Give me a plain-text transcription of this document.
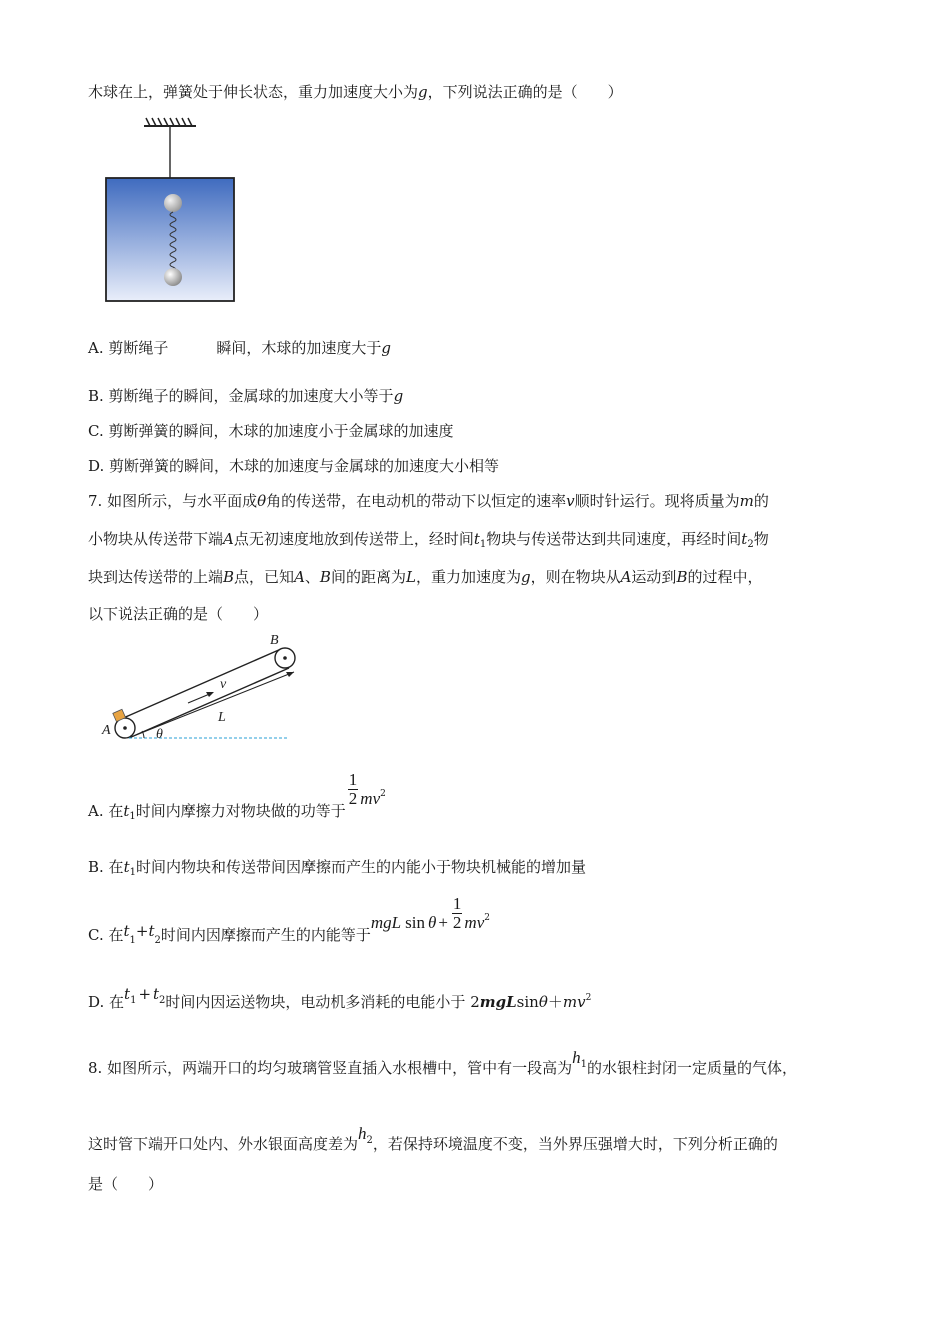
木球在上，弹簧处于伸长状态，重力加速度大小为g，下列说法正确的是（　　）
A. 剪断绳子	瞬间，木球的加速度大于g
B. 剪断绳子的瞬间，金属球的加速度大小等于g
C. 剪断弹簧的瞬间，木球的加速度小于金属球的加速度
D. 剪断弹簧的瞬间，木球的加速度与金属球的加速度大小相等
7. 如图所示，与水平面成θ角的传送带，在电动机的带动下以恒定的速率v顺时针运行。现将质量为m的
小物块从传送带下端A点无初速度地放到传送带上，经时间$t_1$物块与传送带达到共同速度，再经时间$t_2$物
块到达传送带的上端B点，已知A、B间的距离为L，重力加速度为g，则在物块从A运动到B的过程中，
以下说法正确的是（　　）
A
B
v
L
θ
A. 在$t_1$时间内摩擦力对物块做的功等于
$\frac{1}{2} mv^2$
B. 在$t_1$时间内物块和传送带间因摩擦而产生的内能小于物块机械能的增加量
C. 在$t_1+t_2$时间内因摩擦而产生的内能等于mgL $\sin \theta + \frac{1}{2} mv^2$
D. 在$t^1 + t^2$时间内因运送物块，电动机多消耗的电能小于 $2mgLsin\theta+mv^2$
8. 如图所示，两端开口的均匀玻璃管竖直插入水根槽中，管中有一段高为$h^1$的水银柱封闭一定质量的气体，
这时管下端开口处内、外水银面高度差为$h^2$，若保持环境温度不变，当外界压强增大时，下列分析正确的
是（　　）
